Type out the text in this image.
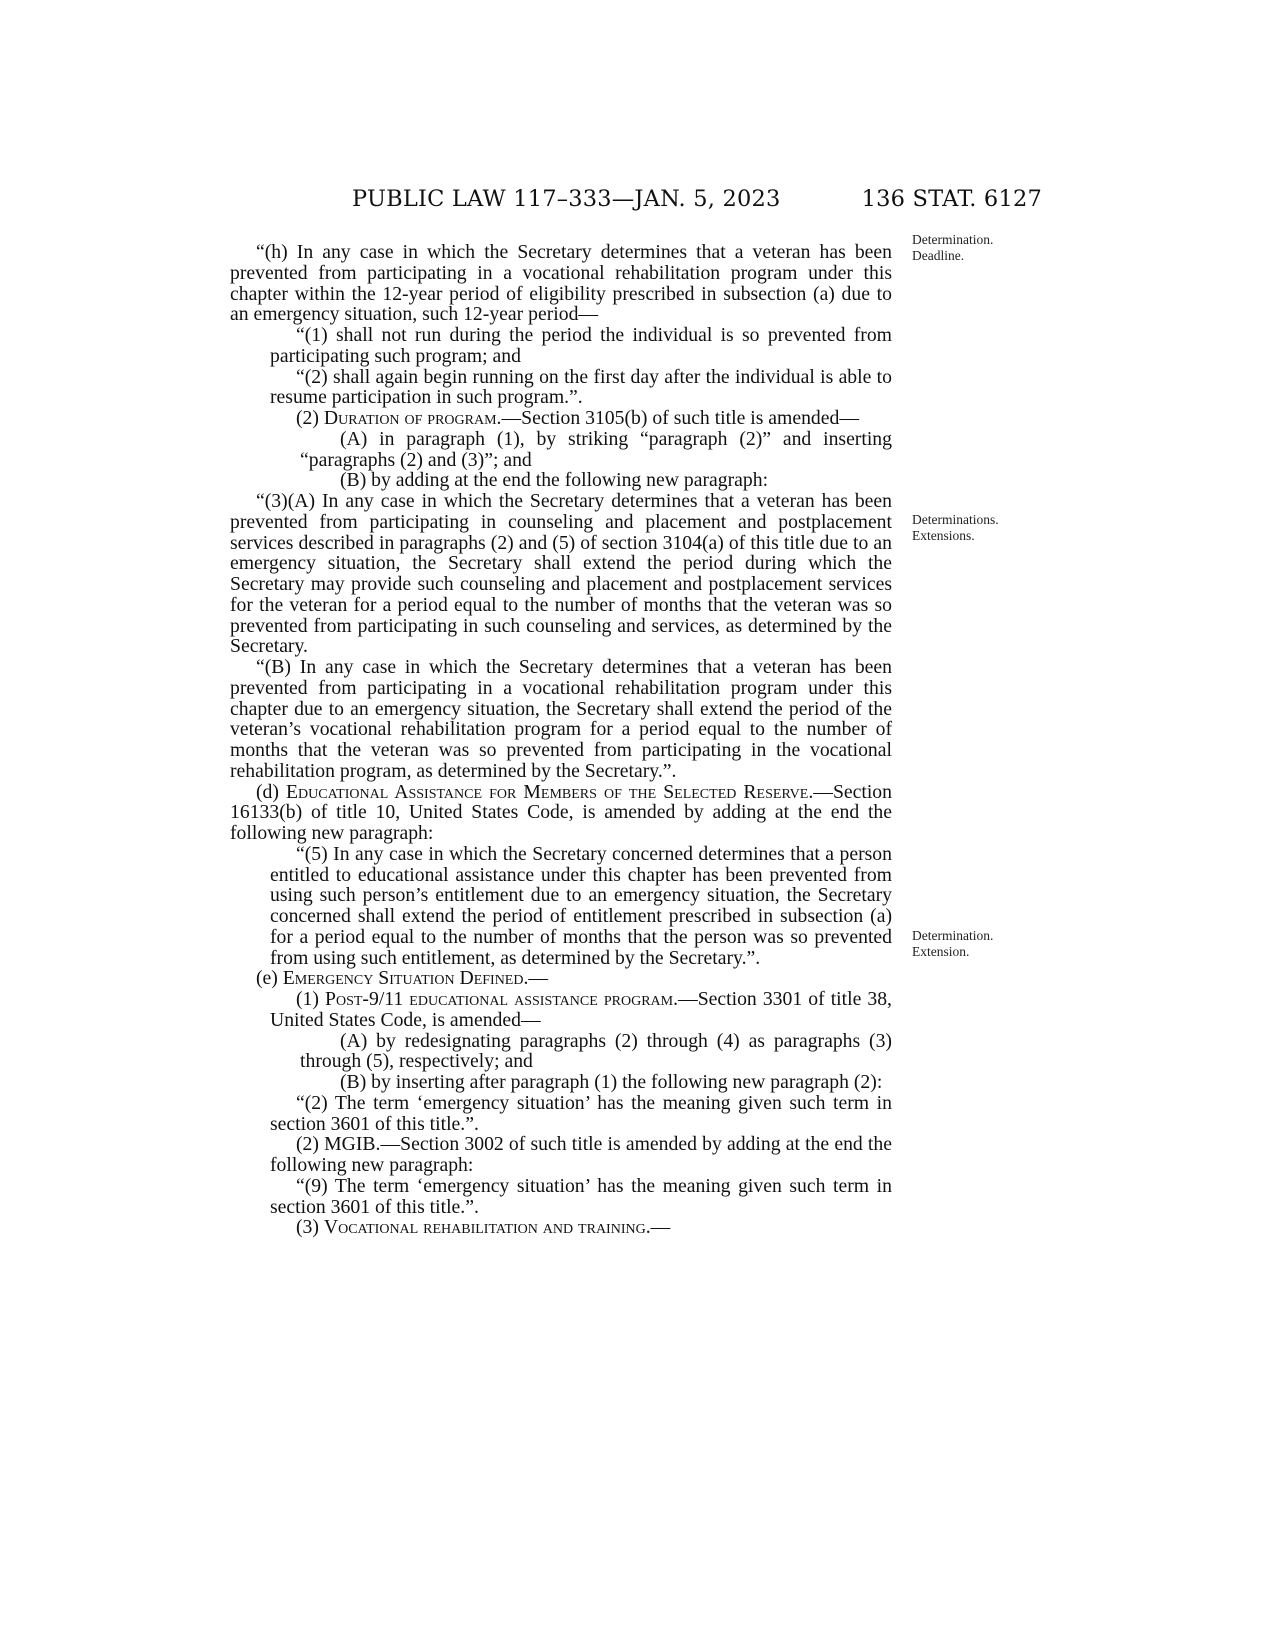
PUBLIC LAW 117–333—JAN. 5, 2023	136 STAT. 6127
Determination.
Deadline.
Determinations.
Extensions.
Determination.
Extension.

“(h) In any case in which the Secretary determines that a veteran has been prevented from participating in a vocational rehabilitation program under this chapter within the 12-year period of eligibility prescribed in subsection (a) due to an emergency situation, such 12-year period—

“(1) shall not run during the period the individual is so prevented from participating such program; and

“(2) shall again begin running on the first day after the individual is able to resume participation in such program.”.

(2) Duration of program.—Section 3105(b) of such title is amended—

(A) in paragraph (1), by striking “paragraph (2)” and inserting “paragraphs (2) and (3)”; and

(B) by adding at the end the following new paragraph:

“(3)(A) In any case in which the Secretary determines that a veteran has been prevented from participating in counseling and placement and postplacement services described in paragraphs (2) and (5) of section 3104(a) of this title due to an emergency situation, the Secretary shall extend the period during which the Secretary may provide such counseling and placement and postplacement services for the veteran for a period equal to the number of months that the veteran was so prevented from participating in such counseling and services, as determined by the Secretary.

“(B) In any case in which the Secretary determines that a veteran has been prevented from participating in a vocational rehabilitation program under this chapter due to an emergency situation, the Secretary shall extend the period of the veteran’s vocational rehabilitation program for a period equal to the number of months that the veteran was so prevented from participating in the vocational rehabilitation program, as determined by the Secretary.”.

(d) Educational Assistance for Members of the Selected Reserve.—Section 16133(b) of title 10, United States Code, is amended by adding at the end the following new paragraph:

“(5) In any case in which the Secretary concerned determines that a person entitled to educational assistance under this chapter has been prevented from using such person’s entitlement due to an emergency situation, the Secretary concerned shall extend the period of entitlement prescribed in subsection (a) for a period equal to the number of months that the person was so prevented from using such entitlement, as determined by the Secretary.”.

(e) Emergency Situation Defined.—

(1) Post-9/11 educational assistance program.—Section 3301 of title 38, United States Code, is amended—

(A) by redesignating paragraphs (2) through (4) as paragraphs (3) through (5), respectively; and

(B) by inserting after paragraph (1) the following new paragraph (2):

“(2) The term ‘emergency situation’ has the meaning given such term in section 3601 of this title.”.

(2) MGIB.—Section 3002 of such title is amended by adding at the end the following new paragraph:

“(9) The term ‘emergency situation’ has the meaning given such term in section 3601 of this title.”.

(3) Vocational rehabilitation and training.—
